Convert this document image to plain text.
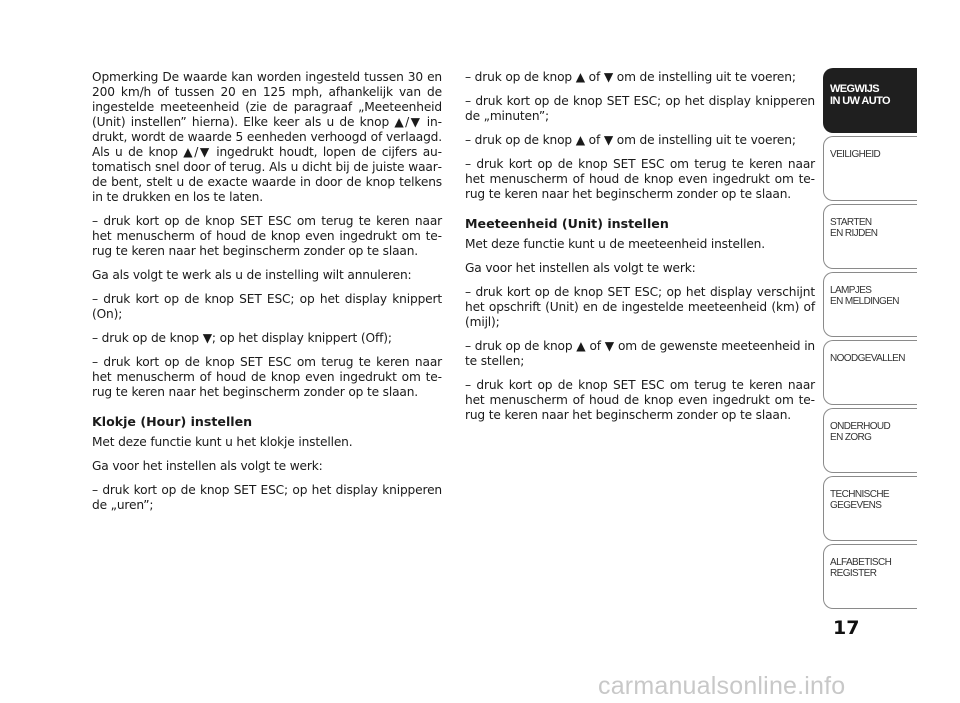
Opmerking De waarde kan worden ingesteld tussen 30 en 200 km/h of tussen 20 en 125 mph, afhankelijk van de ingestelde meeteenheid (zie de paragraaf „Meeteenheid (Unit) instellen” hierna). Elke keer als u de knop ▲/▼ indrukt, wordt de waarde 5 eenheden verhoogd of verlaagd. Als u de knop ▲/▼ ingedrukt houdt, lopen de cijfers automatisch snel door of terug. Als u dicht bij de juiste waarde bent, stelt u de exacte waarde in door de knop telkens in te drukken en los te laten.

– druk kort op de knop SET ESC om terug te keren naar het menuscherm of houd de knop even ingedrukt om terug te keren naar het beginscherm zonder op te slaan.

Ga als volgt te werk als u de instelling wilt annuleren:

– druk kort op de knop SET ESC; op het display knippert (On);

– druk op de knop ▼; op het display knippert (Off);

– druk kort op de knop SET ESC om terug te keren naar het menuscherm of houd de knop even ingedrukt om terug te keren naar het beginscherm zonder op te slaan.

Klokje (Hour) instellen

Met deze functie kunt u het klokje instellen.

Ga voor het instellen als volgt te werk:

– druk kort op de knop SET ESC; op het display knipperen de „uren”;

– druk op de knop ▲ of ▼ om de instelling uit te voeren;

– druk kort op de knop SET ESC; op het display knipperen de „minuten”;

– druk op de knop ▲ of ▼ om de instelling uit te voeren;

– druk kort op de knop SET ESC om terug te keren naar het menuscherm of houd de knop even ingedrukt om terug te keren naar het beginscherm zonder op te slaan.

Meeteenheid (Unit) instellen

Met deze functie kunt u de meeteenheid instellen.

Ga voor het instellen als volgt te werk:

– druk kort op de knop SET ESC; op het display verschijnt het opschrift (Unit) en de ingestelde meeteenheid (km) of (mijl);

– druk op de knop ▲ of ▼ om de gewenste meeteenheid in te stellen;

– druk kort op de knop SET ESC om terug te keren naar het menuscherm of houd de knop even ingedrukt om terug te keren naar het beginscherm zonder op te slaan.

WEGWIJS
IN UW AUTO
VEILIGHEID
STARTEN
EN RIJDEN
LAMPJES
EN MELDINGEN
NOODGEVALLEN
ONDERHOUD
EN ZORG
TECHNISCHE
GEGEVENS
ALFABETISCH
REGISTER
17
carmanualsonline.info
